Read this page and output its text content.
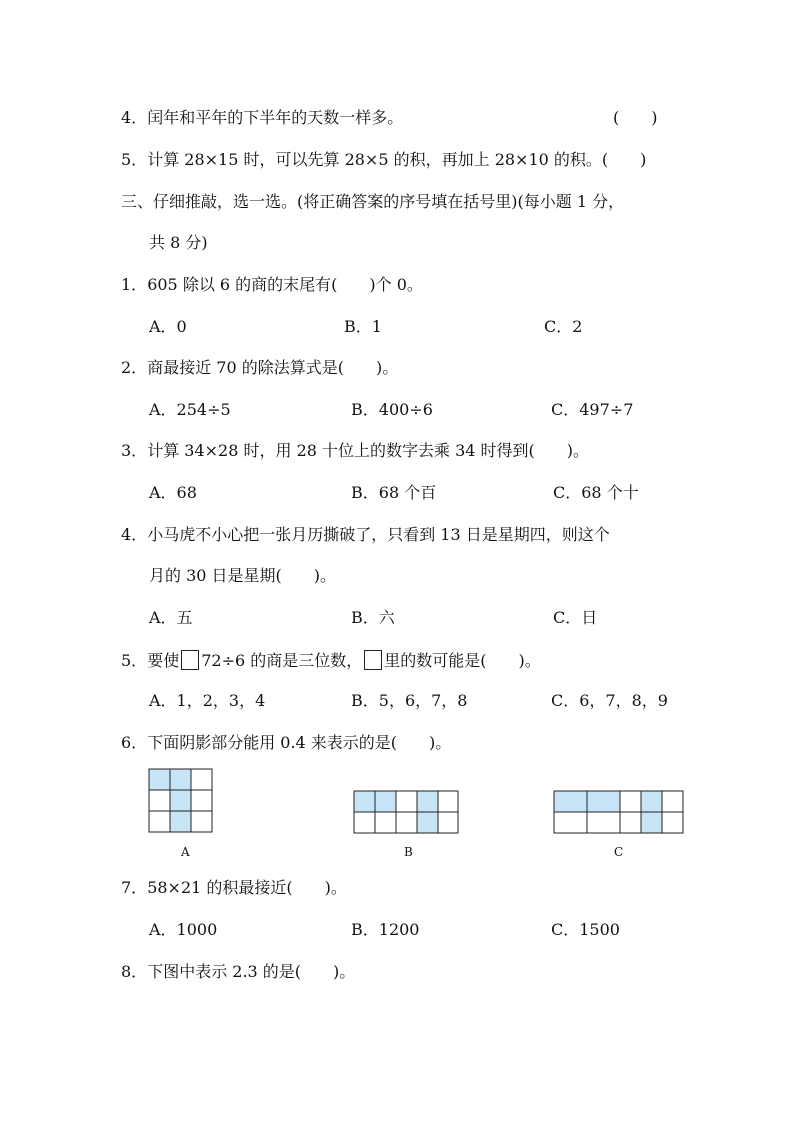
4．闰年和平年的下半年的天数一样多。	(　　)
5．计算 28×15 时，可以先算 28×5 的积，再加上 28×10 的积。(　　)
三、仔细推敲，选一选。(将正确答案的序号填在括号里)(每小题 1 分，
共 8 分)
1．605 除以 6 的商的末尾有(　　)个 0。
A．0	B．1	C．2
2．商最接近 70 的除法算式是(　　)。
A．254÷5	B．400÷6	C．497÷7
3．计算 34×28 时，用 28 十位上的数字去乘 34 时得到(　　)。
A．68	B．68 个百	C．68 个十
4．小马虎不小心把一张月历撕破了，只看到 13 日是星期四，则这个
月的 30 日是星期(　　)。
A．五	B．六	C．日
5．要使 72÷6 的商是三位数， 里的数可能是(　　)。
A．1，2，3，4	B．5，6，7，8	C．6，7，8，9
6．下面阴影部分能用 0.4 来表示的是(　　)。
A	B	C
7．58×21 的积最接近(　　)。
A．1000	B．1200	C．1500
8．下图中表示 2.3 的是(　　)。
